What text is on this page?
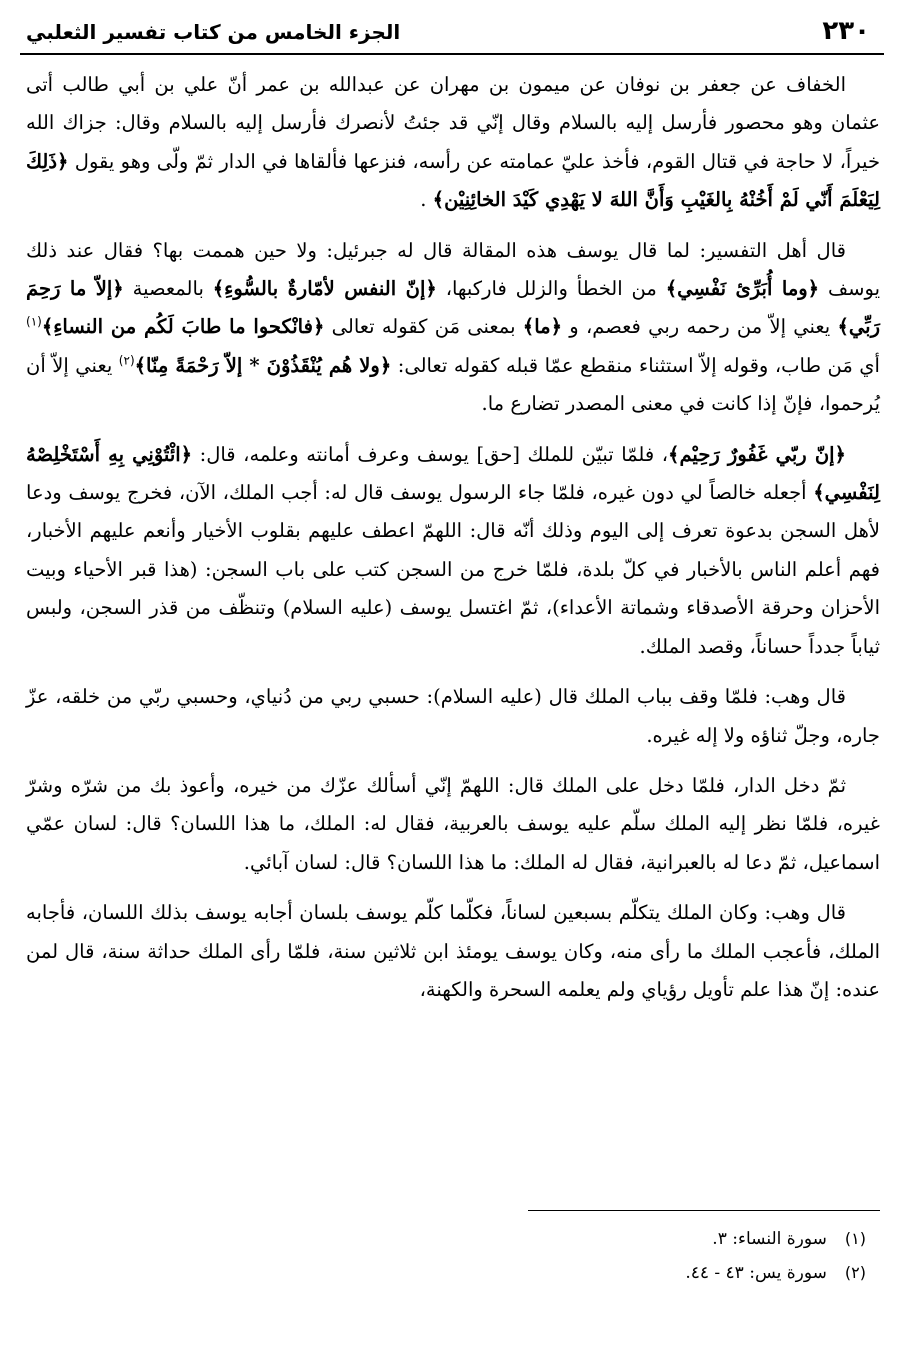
٢٣٠
الجزء الخامس من كتاب تفسير الثعلبي

الخفاف عن جعفر بن نوفان عن ميمون بن مهران عن عبدالله بن عمر أنّ علي بن أبي طالب أتى عثمان وهو محصور فأرسل إليه بالسلام وقال إنّي قد جئتُ لأنصرك فأرسل إليه بالسلام وقال: جزاك الله خيراً، لا حاجة في قتال القوم، فأخذ عليّ عمامته عن رأسه، فنزعها فألقاها في الدار ثمّ ولّى وهو يقول ﴿ذَلِكَ لِيَعْلَمَ أَنّي لَمْ أَخُنْهُ بِالغَيْبِ وَأَنَّ اللهَ لا يَهْدِي كَيْدَ الخائِنِيْن﴾ .

قال أهل التفسير: لما قال يوسف هذه المقالة قال له جبرئيل: ولا حين هممت بها؟ فقال عند ذلك يوسف ﴿وما أُبَرِّئ نَفْسِي﴾ من الخطأ والزلل فاركبها، ﴿إنّ النفس لأمّارةٌ بالسُّوءِ﴾ بالمعصية ﴿إلاّ ما رَحِمَ رَبِّي﴾ يعني إلاّ من رحمه ربي فعصم، و ﴿ما﴾ بمعنى مَن كقوله تعالى ﴿فانْكحوا ما طابَ لَكُم من النساءِ﴾$^{(١)}$ أي مَن طاب، وقوله إلاّ استثناء منقطع عمّا قبله كقوله تعالى: ﴿ولا هُم يُنْقَذُوْنَ * إلاّ رَحْمَةً مِنّا﴾$^{(٢)}$ يعني إلاّ أن يُرحموا، فإنّ إذا كانت في معنى المصدر تضارع ما.

﴿إنّ ربّي غَفُورٌ رَحِيْم﴾، فلمّا تبيّن للملك [حق] يوسف وعرف أمانته وعلمه، قال: ﴿ائْتُوْنِي بِهِ أَسْتَخْلِصْهُ لِنَفْسِي﴾ أجعله خالصاً لي دون غيره، فلمّا جاء الرسول يوسف قال له: أجب الملك، الآن، فخرج يوسف ودعا لأهل السجن بدعوة تعرف إلى اليوم وذلك أنّه قال: اللهمّ اعطف عليهم بقلوب الأخيار وأنعم عليهم الأخبار، فهم أعلم الناس بالأخبار في كلّ بلدة، فلمّا خرج من السجن كتب على باب السجن: (هذا قبر الأحياء وبيت الأحزان وحرقة الأصدقاء وشماتة الأعداء)، ثمّ اغتسل يوسف (عليه السلام) وتنظّف من قذر السجن، ولبس ثياباً جدداً حساناً، وقصد الملك.

قال وهب: فلمّا وقف بباب الملك قال (عليه السلام): حسبي ربي من دُنياي، وحسبي ربّي من خلقه، عزّ جاره، وجلّ ثناؤه ولا إله غيره.

ثمّ دخل الدار، فلمّا دخل على الملك قال: اللهمّ إنّي أسألك عزّك من خيره، وأعوذ بك من شرّه وشرّ غيره، فلمّا نظر إليه الملك سلّم عليه يوسف بالعربية، فقال له: الملك، ما هذا اللسان؟ قال: لسان عمّي اسماعيل، ثمّ دعا له بالعبرانية، فقال له الملك: ما هذا اللسان؟ قال: لسان آبائي.

قال وهب: وكان الملك يتكلّم بسبعين لساناً، فكلّما كلّم يوسف بلسان أجابه يوسف بذلك اللسان، فأجابه الملك، فأعجب الملك ما رأى منه، وكان يوسف يومئذ ابن ثلاثين سنة، فلمّا رأى الملك حداثة سنة، قال لمن عنده: إنّ هذا علم تأويل رؤياي ولم يعلمه السحرة والكهنة،

(١)
سورة النساء: ٣.
(٢)
سورة يس: ٤٣ - ٤٤.
